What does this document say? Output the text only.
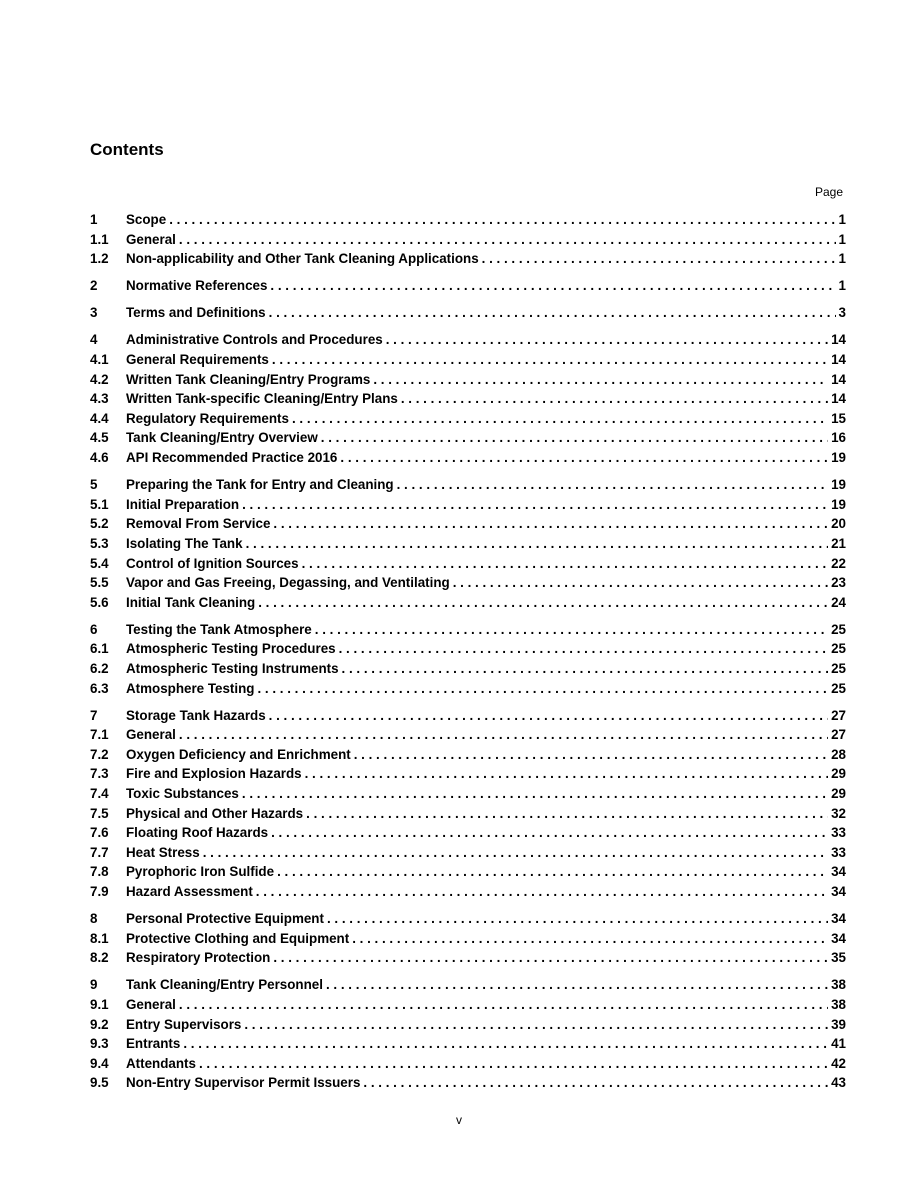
Contents
Page
1	Scope . . .	1
1.1	General . . .	1
1.2	Non-applicability and Other Tank Cleaning Applications . . .	1
2	Normative References . . .	1
3	Terms and Definitions . . .	3
4	Administrative Controls and Procedures . . .	14
4.1	General Requirements . . .	14
4.2	Written Tank Cleaning/Entry Programs . . .	14
4.3	Written Tank-specific Cleaning/Entry Plans . . .	14
4.4	Regulatory Requirements . . .	15
4.5	Tank Cleaning/Entry Overview . . .	16
4.6	API Recommended Practice 2016 . . .	19
5	Preparing the Tank for Entry and Cleaning . . .	19
5.1	Initial Preparation . . .	19
5.2	Removal From Service . . .	20
5.3	Isolating The Tank . . .	21
5.4	Control of Ignition Sources . . .	22
5.5	Vapor and Gas Freeing, Degassing, and Ventilating . . .	23
5.6	Initial Tank Cleaning . . .	24
6	Testing the Tank Atmosphere . . .	25
6.1	Atmospheric Testing Procedures . . .	25
6.2	Atmospheric Testing Instruments . . .	25
6.3	Atmosphere Testing . . .	25
7	Storage Tank Hazards . . .	27
7.1	General . . .	27
7.2	Oxygen Deficiency and Enrichment . . .	28
7.3	Fire and Explosion Hazards . . .	29
7.4	Toxic Substances . . .	29
7.5	Physical and Other Hazards . . .	32
7.6	Floating Roof Hazards . . .	33
7.7	Heat Stress . . .	33
7.8	Pyrophoric Iron Sulfide . . .	34
7.9	Hazard Assessment . . .	34
8	Personal Protective Equipment . . .	34
8.1	Protective Clothing and Equipment . . .	34
8.2	Respiratory Protection . . .	35
9	Tank Cleaning/Entry Personnel . . .	38
9.1	General . . .	38
9.2	Entry Supervisors . . .	39
9.3	Entrants . . .	41
9.4	Attendants . . .	42
9.5	Non-Entry Supervisor Permit Issuers . . .	43
v
